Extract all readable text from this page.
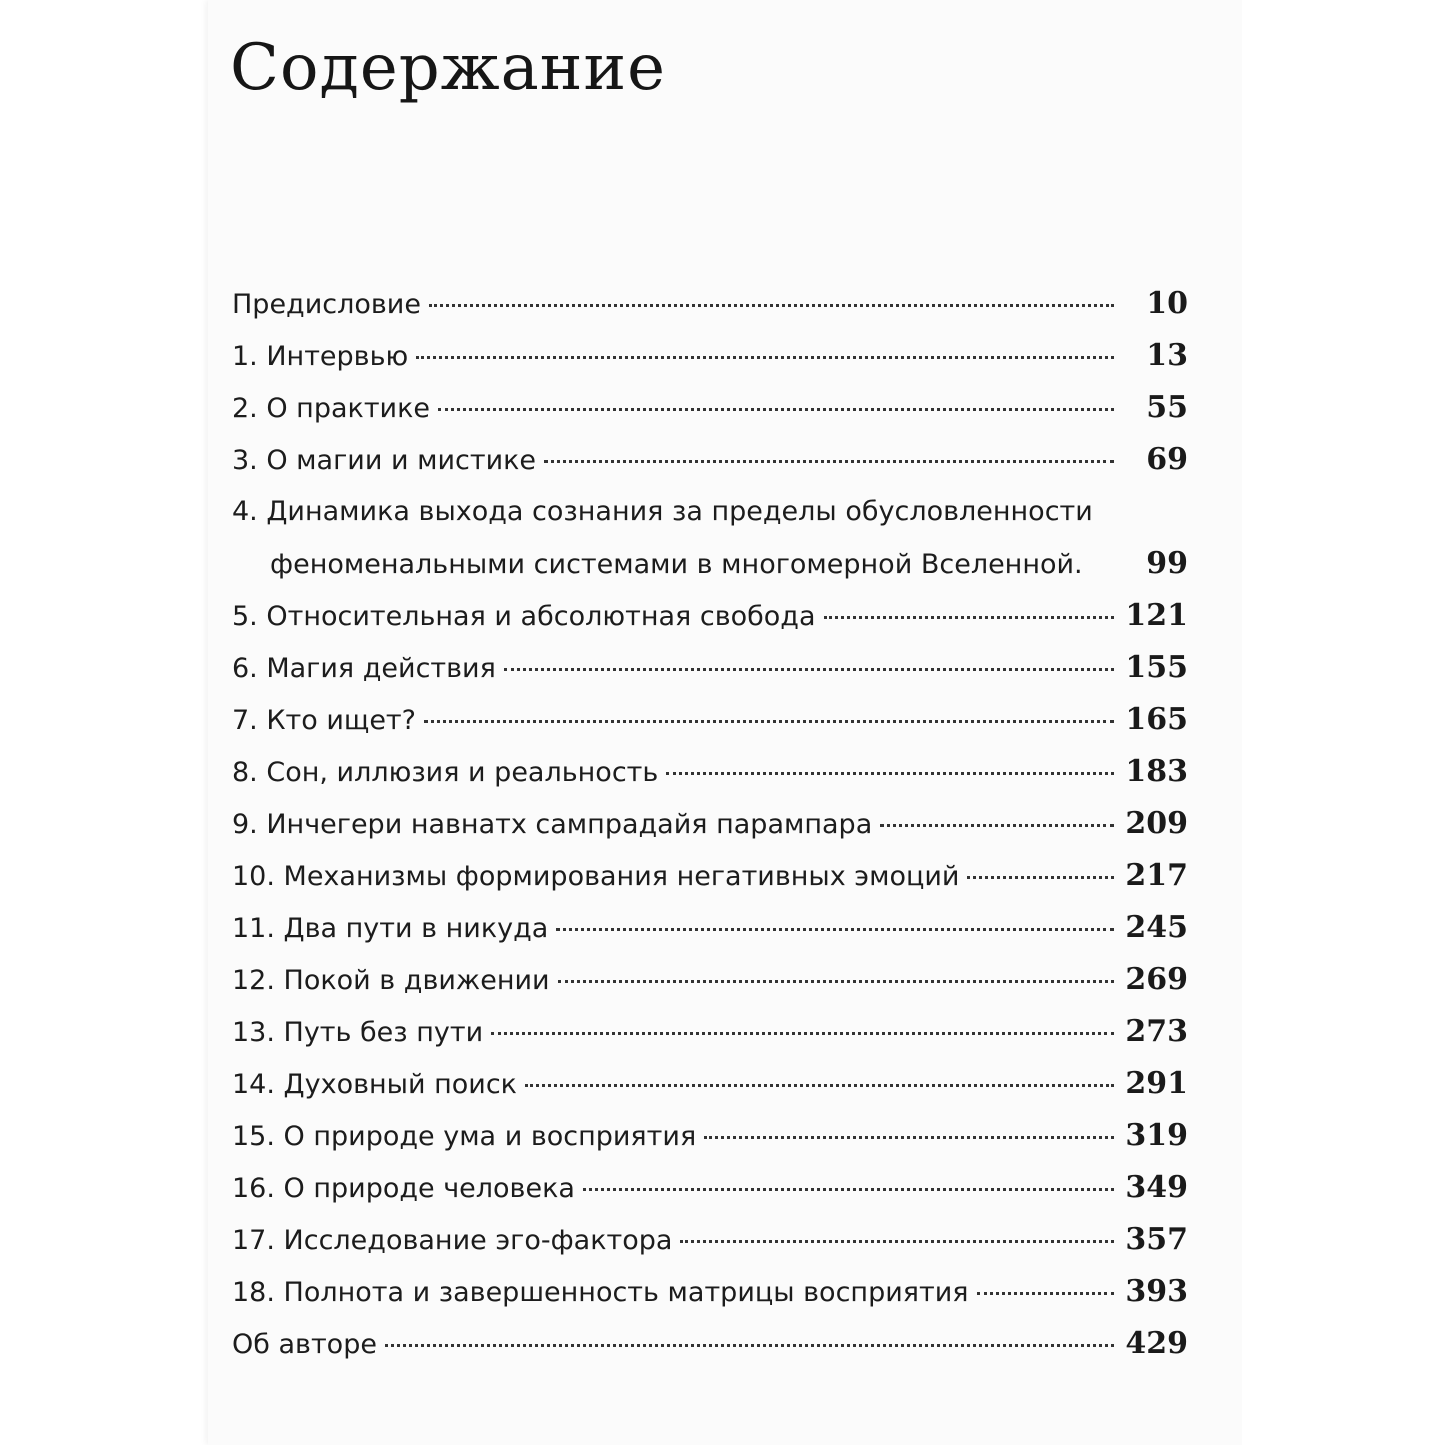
Содержание
Предисловие	10
1. Интервью	13
2. О практике	55
3. О магии и мистике	69
4. Динамика выхода сознания за пределы обусловленности
феноменальными системами в многомерной Вселенной.	99
5. Относительная и абсолютная свобода	121
6. Магия действия	155
7. Кто ищет?	165
8. Сон, иллюзия и реальность	183
9. Инчегери навнатх сампрадайя парампара	209
10. Механизмы формирования негативных эмоций	217
11. Два пути в никуда	245
12. Покой в движении	269
13. Путь без пути	273
14. Духовный поиск	291
15. О природе ума и восприятия	319
16. О природе человека	349
17. Исследование эго-фактора	357
18. Полнота и завершенность матрицы восприятия	393
Об авторе	429
